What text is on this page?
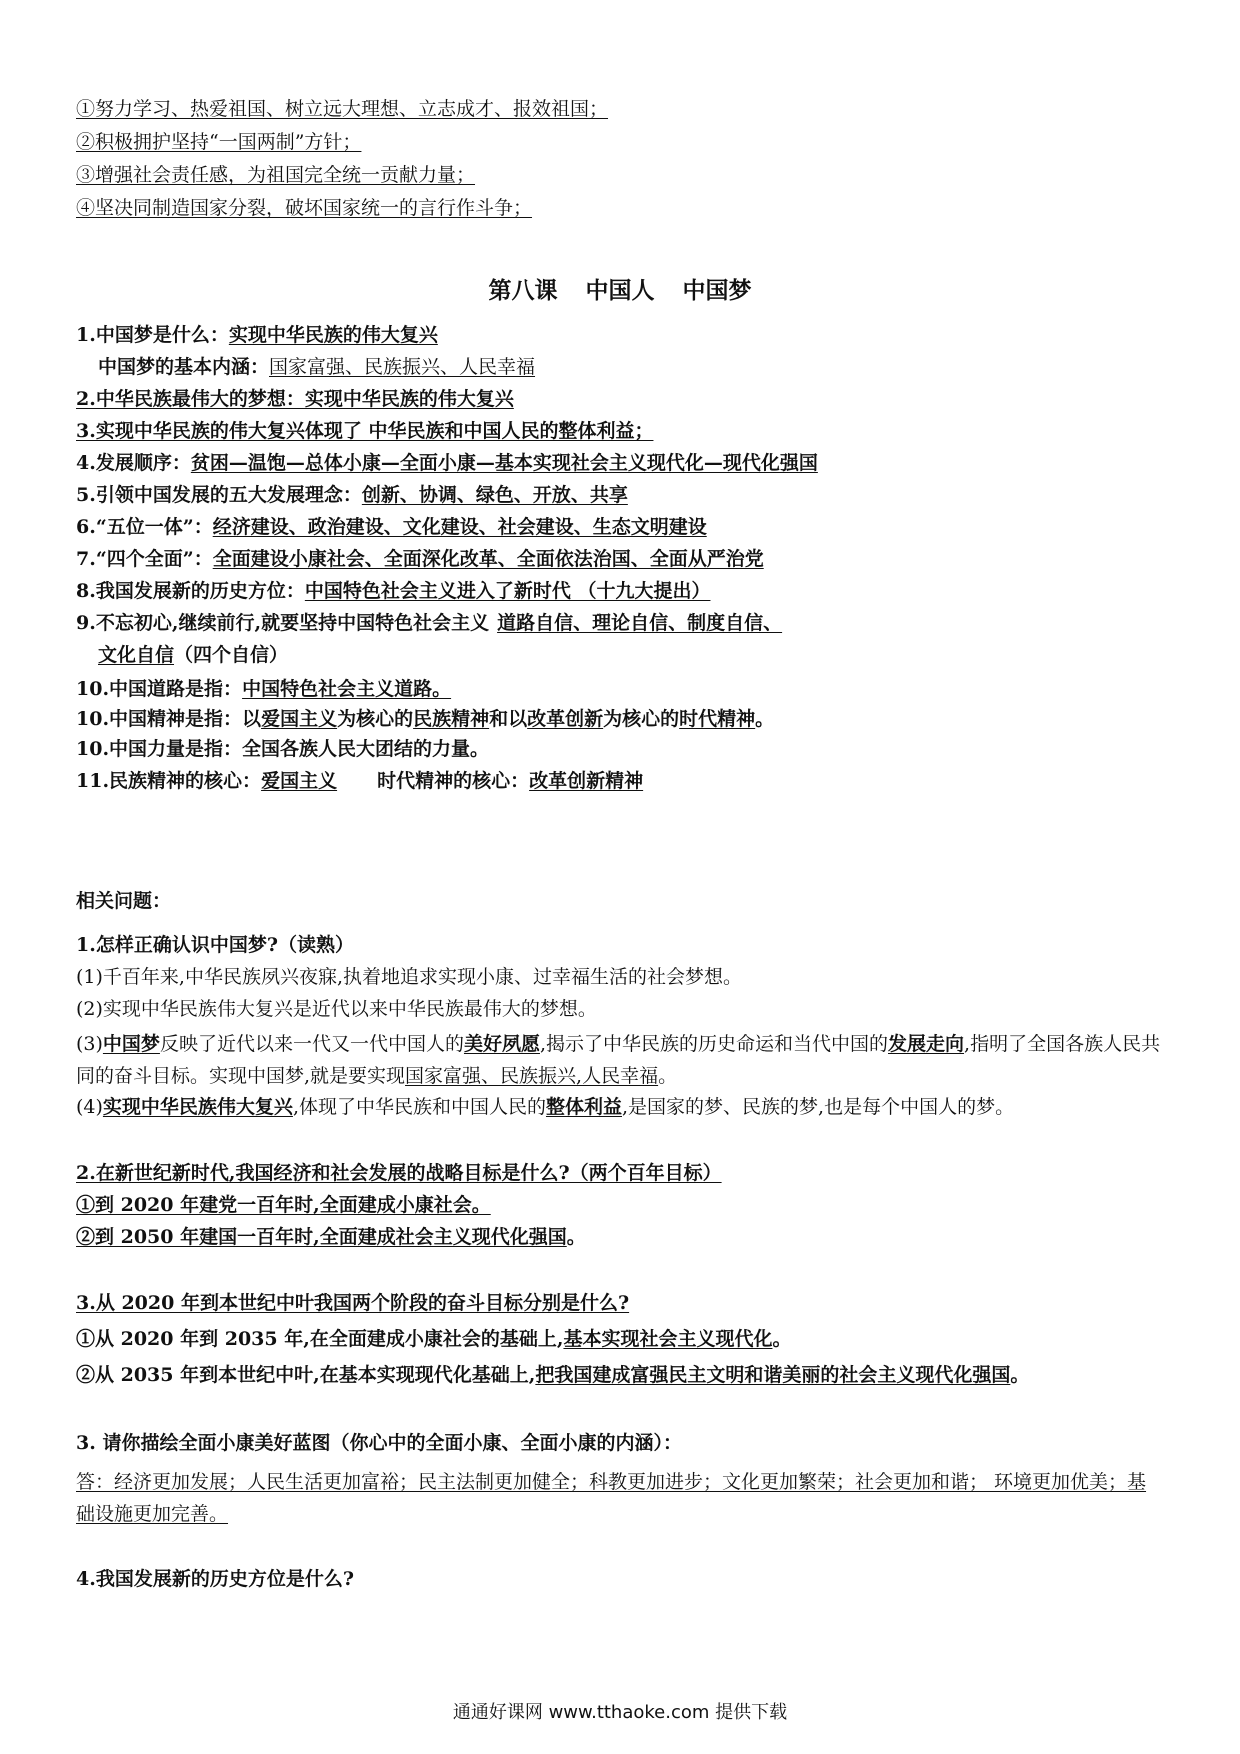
①努力学习、热爱祖国、树立远大理想、立志成才、报效祖国；
②积极拥护坚持“一国两制”方针；
③增强社会责任感，为祖国完全统一贡献力量；
④坚决同制造国家分裂，破坏国家统一的言行作斗争；
第八课 中国人 中国梦
1.中国梦是什么：实现中华民族的伟大复兴
中国梦的基本内涵：国家富强、民族振兴、人民幸福
2.中华民族最伟大的梦想：实现中华民族的伟大复兴
3.实现中华民族的伟大复兴体现了 中华民族和中国人民的整体利益；
4.发展顺序：贫困—温饱—总体小康—全面小康—基本实现社会主义现代化—现代化强国
5.引领中国发展的五大发展理念：创新、协调、绿色、开放、共享
6.“五位一体”：经济建设、政治建设、文化建设、社会建设、生态文明建设
7.“四个全面”：全面建设小康社会、全面深化改革、全面依法治国、全面从严治党
8.我国发展新的历史方位：中国特色社会主义进入了新时代 （十九大提出）
9.不忘初心,继续前行,就要坚持中国特色社会主义 道路自信、理论自信、制度自信、
文化自信（四个自信）
10.中国道路是指：中国特色社会主义道路。
10.中国精神是指：以爱国主义为核心的民族精神和以改革创新为核心的时代精神。
10.中国力量是指：全国各族人民大团结的力量。
11.民族精神的核心：爱国主义 时代精神的核心：改革创新精神
相关问题：
1.怎样正确认识中国梦?（读熟）
(1)千百年来,中华民族夙兴夜寐,执着地追求实现小康、过幸福生活的社会梦想。
(2)实现中华民族伟大复兴是近代以来中华民族最伟大的梦想。
(3)中国梦反映了近代以来一代又一代中国人的美好夙愿,揭示了中华民族的历史命运和当代中国的发展走向,指明了全国各族人民共同的奋斗目标。实现中国梦,就是要实现国家富强、民族振兴,人民幸福。
(4)实现中华民族伟大复兴,体现了中华民族和中国人民的整体利益,是国家的梦、民族的梦,也是每个中国人的梦。
2.在新世纪新时代,我国经济和社会发展的战略目标是什么?（两个百年目标）
①到 2020 年建党一百年时,全面建成小康社会。
②到 2050 年建国一百年时,全面建成社会主义现代化强国。
3.从 2020 年到本世纪中叶我国两个阶段的奋斗目标分别是什么?
①从 2020 年到 2035 年,在全面建成小康社会的基础上,基本实现社会主义现代化。
②从 2035 年到本世纪中叶,在基本实现现代化基础上,把我国建成富强民主文明和谐美丽的社会主义现代化强国。
3. 请你描绘全面小康美好蓝图（你心中的全面小康、全面小康的内涵）：
答：经济更加发展；人民生活更加富裕；民主法制更加健全；科教更加进步；文化更加繁荣；社会更加和谐； 环境更加优美；基础设施更加完善。
4.我国发展新的历史方位是什么?
通通好课网 www.tthaoke.com 提供下载
